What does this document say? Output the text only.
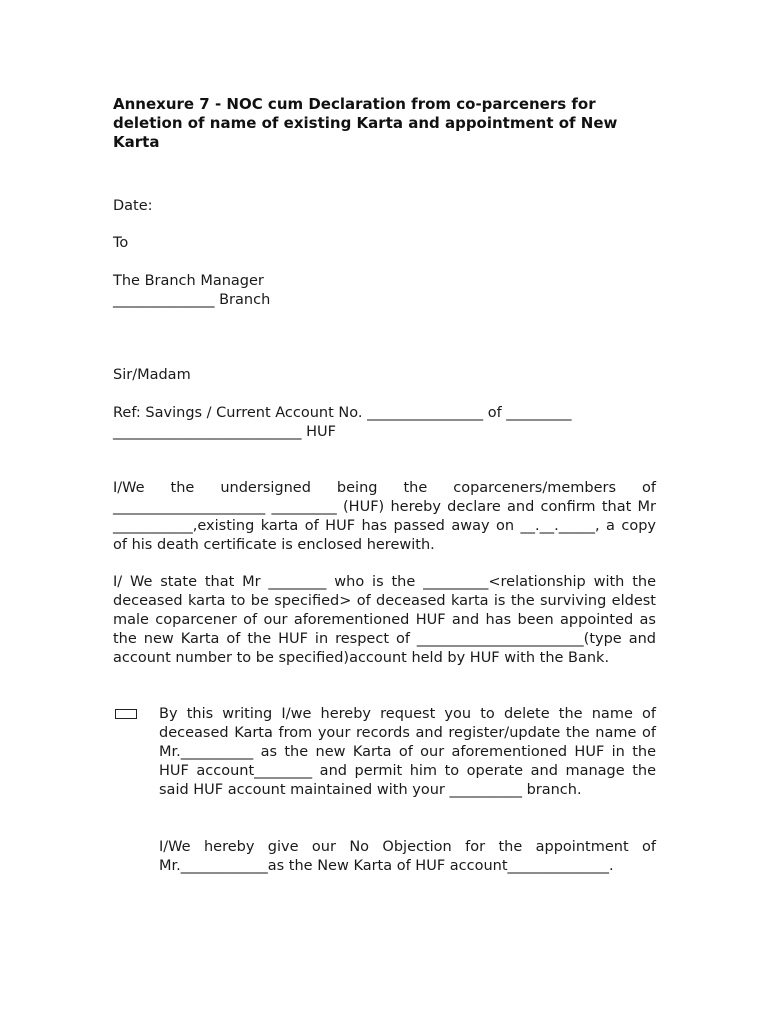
Annexure 7 - NOC cum Declaration from co-parceners for deletion of name of existing Karta and appointment of New Karta
Date:
To
The Branch Manager
______________ Branch
Sir/Madam
Ref: Savings / Current Account No. ________________ of _________
__________________________ HUF
I/We the undersigned being the coparceners/members of _____________________ _________ (HUF) hereby declare and confirm that Mr ___________,existing karta of HUF has passed away on __.__._____, a copy of his death certificate is enclosed herewith.
I/ We state that Mr ________ who is the _________<relationship with the deceased karta to be specified> of deceased karta is the surviving eldest male coparcener of our aforementioned HUF and has been appointed as the new Karta of the HUF in respect of _______________________(type and account number to be specified)account held by HUF with the Bank.
By this writing I/we hereby request you to delete the name of deceased Karta from your records and register/update the name of Mr.__________ as the new Karta of our aforementioned HUF in the HUF account________ and permit him to operate and manage the said HUF account maintained with your __________ branch.
I/We hereby give our No Objection for the appointment of Mr.____________as the New Karta of HUF account______________.
